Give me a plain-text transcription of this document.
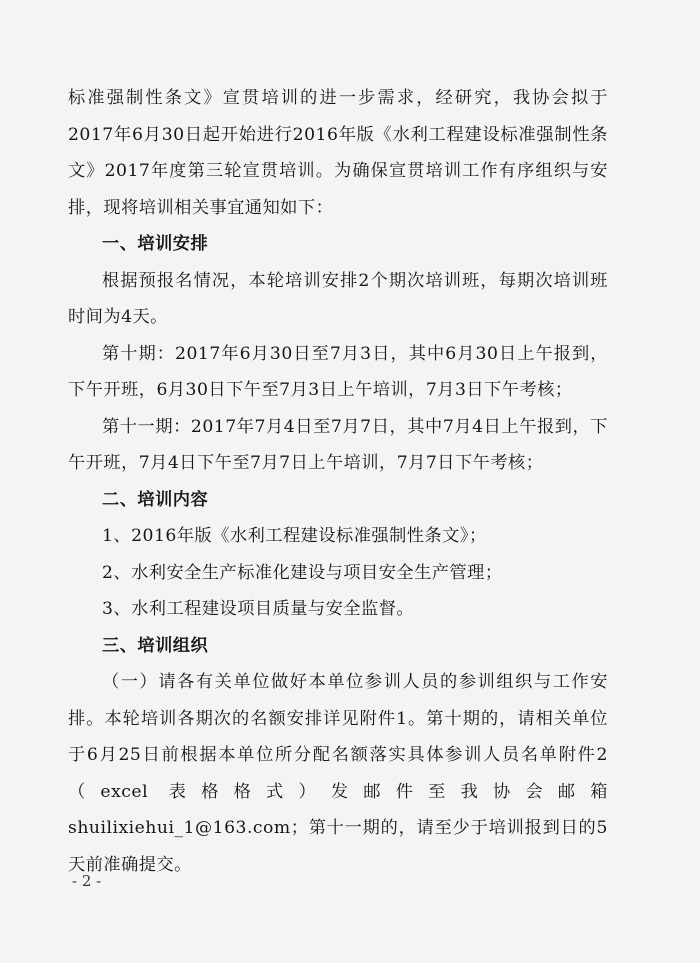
标准强制性条文》宣贯培训的进一步需求，经研究，我协会拟于2017年6月30日起开始进行2016年版《水利工程建设标准强制性条文》2017年度第三轮宣贯培训。为确保宣贯培训工作有序组织与安排，现将培训相关事宜通知如下：

一、培训安排

根据预报名情况，本轮培训安排2个期次培训班，每期次培训班时间为4天。

第十期：2017年6月30日至7月3日，其中6月30日上午报到，下午开班，6月30日下午至7月3日上午培训，7月3日下午考核；

第十一期：2017年7月4日至7月7日，其中7月4日上午报到，下午开班，7月4日下午至7月7日上午培训，7月7日下午考核；

二、培训内容

1、2016年版《水利工程建设标准强制性条文》；

2、水利安全生产标准化建设与项目安全生产管理；

3、水利工程建设项目质量与安全监督。

三、培训组织

（一）请各有关单位做好本单位参训人员的参训组织与工作安排。本轮培训各期次的名额安排详见附件1。第十期的，请相关单位于6月25日前根据本单位所分配名额落实具体参训人员名单附件2（excel 表格格式）发邮件至我协会邮箱 shuilixiehui_1@163.com；第十一期的，请至少于培训报到日的5天前准确提交。

- 2 -
